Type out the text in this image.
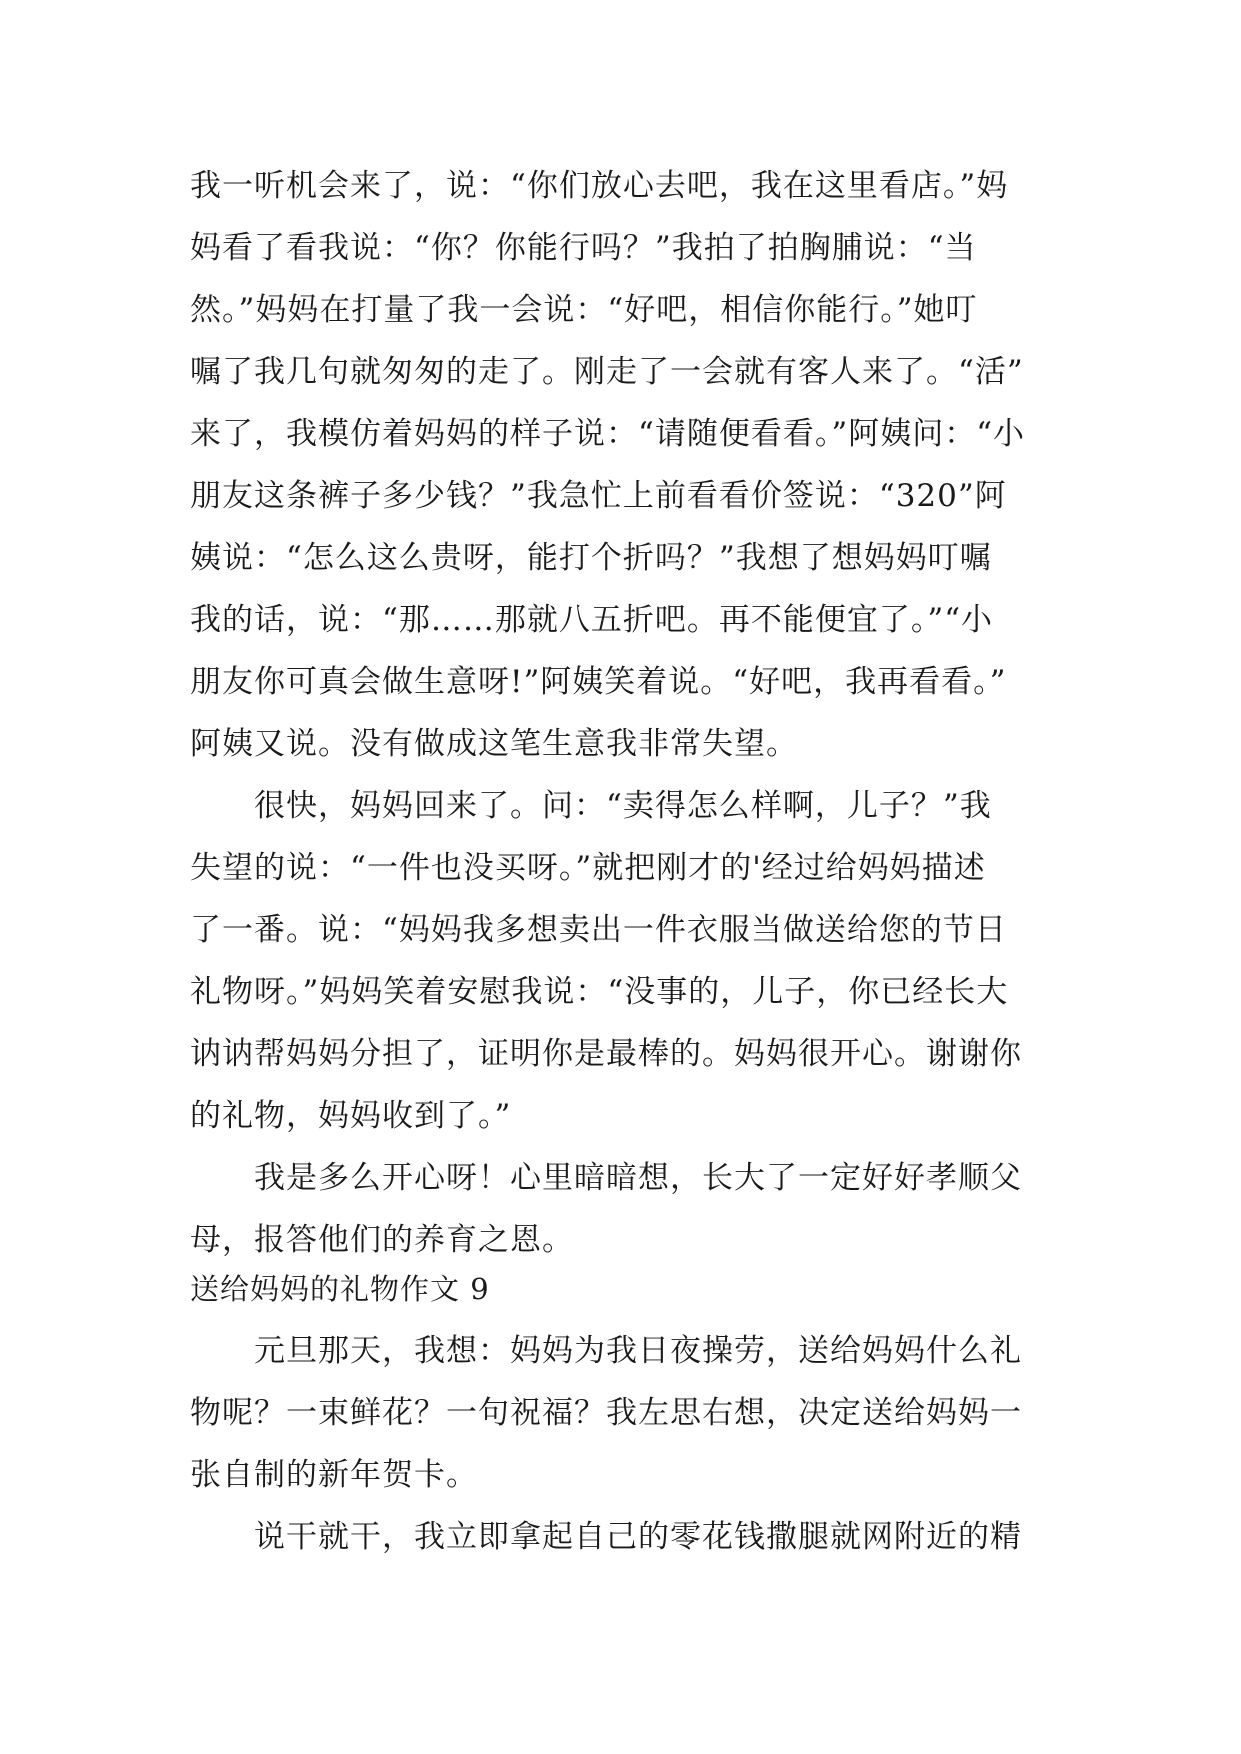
我一听机会来了，说：“你们放心去吧，我在这里看店。”妈
妈看了看我说：“你？你能行吗？”我拍了拍胸脯说：“当
然。”妈妈在打量了我一会说：“好吧，相信你能行。”她叮
嘱了我几句就匆匆的走了。刚走了一会就有客人来了。“活”
来了，我模仿着妈妈的样子说：“请随便看看。”阿姨问：“小
朋友这条裤子多少钱？”我急忙上前看看价签说：“320”阿
姨说：“怎么这么贵呀，能打个折吗？”我想了想妈妈叮嘱
我的话，说：“那……那就八五折吧。再不能便宜了。”“小
朋友你可真会做生意呀!”阿姨笑着说。“好吧，我再看看。”
阿姨又说。没有做成这笔生意我非常失望。
　　很快，妈妈回来了。问：“卖得怎么样啊，儿子？”我
失望的说：“一件也没买呀。”就把刚才的'经过给妈妈描述
了一番。说：“妈妈我多想卖出一件衣服当做送给您的节日
礼物呀。”妈妈笑着安慰我说：“没事的，儿子，你已经长大
讷讷帮妈妈分担了，证明你是最棒的。妈妈很开心。谢谢你
的礼物，妈妈收到了。”
　　我是多么开心呀！心里暗暗想，长大了一定好好孝顺父
母，报答他们的养育之恩。
送给妈妈的礼物作文 9
　　元旦那天，我想：妈妈为我日夜操劳，送给妈妈什么礼
物呢？一束鲜花？一句祝福？我左思右想，决定送给妈妈一
张自制的新年贺卡。
　　说干就干，我立即拿起自己的零花钱撒腿就网附近的精
